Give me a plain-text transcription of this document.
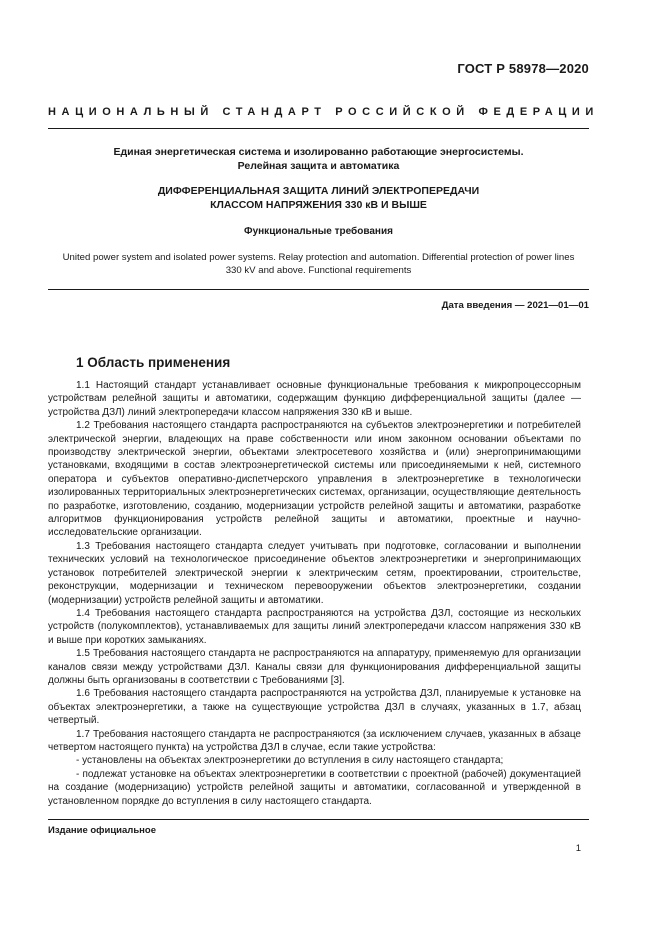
ГОСТ Р 58978—2020
НАЦИОНАЛЬНЫЙ СТАНДАРТ РОССИЙСКОЙ ФЕДЕРАЦИИ
Единая энергетическая система и изолированно работающие энергосистемы.
Релейная защита и автоматика
ДИФФЕРЕНЦИАЛЬНАЯ ЗАЩИТА ЛИНИЙ ЭЛЕКТРОПЕРЕДАЧИ
КЛАССОМ НАПРЯЖЕНИЯ 330 кВ И ВЫШЕ
Функциональные требования
United power system and isolated power systems. Relay protection and automation. Differential protection of power lines
330 kV and above. Functional requirements
Дата введения — 2021—01—01
1 Область применения

1.1 Настоящий стандарт устанавливает основные функциональные требования к микропроцессорным устройствам релейной защиты и автоматики, содержащим функцию дифференциальной защиты (далее — устройства ДЗЛ) линий электропередачи классом напряжения 330 кВ и выше.

1.2 Требования настоящего стандарта распространяются на субъектов электроэнергетики и потребителей электрической энергии, владеющих на праве собственности или ином законном основании объектами по производству электрической энергии, объектами электросетевого хозяйства и (или) энергопринимающими установками, входящими в состав электроэнергетической системы или присоединяемыми к ней, системного оператора и субъектов оперативно-диспетчерского управления в электроэнергетике в технологически изолированных территориальных электроэнергетических системах, организации, осуществляющие деятельность по разработке, изготовлению, созданию, модернизации устройств релейной защиты и автоматики, разработке алгоритмов функционирования устройств релейной защиты и автоматики, проектные и научно-исследовательские организации.

1.3 Требования настоящего стандарта следует учитывать при подготовке, согласовании и выполнении технических условий на технологическое присоединение объектов электроэнергетики и энергопринимающих установок потребителей электрической энергии к электрическим сетям, проектировании, строительстве, реконструкции, модернизации и техническом перевооружении объектов электроэнергетики, создании (модернизации) устройств релейной защиты и автоматики.

1.4 Требования настоящего стандарта распространяются на устройства ДЗЛ, состоящие из нескольких устройств (полукомплектов), устанавливаемых для защиты линий электропередачи классом напряжения 330 кВ и выше при коротких замыканиях.

1.5 Требования настоящего стандарта не распространяются на аппаратуру, применяемую для организации каналов связи между устройствами ДЗЛ. Каналы связи для функционирования дифференциальной защиты должны быть организованы в соответствии с Требованиями [3].

1.6 Требования настоящего стандарта распространяются на устройства ДЗЛ, планируемые к установке на объектах электроэнергетики, а также на существующие устройства ДЗЛ в случаях, указанных в 1.7, абзац четвертый.

1.7 Требования настоящего стандарта не распространяются (за исключением случаев, указанных в абзаце четвертом настоящего пункта) на устройства ДЗЛ в случае, если такие устройства:

- установлены на объектах электроэнергетики до вступления в силу настоящего стандарта;

- подлежат установке на объектах электроэнергетики в соответствии с проектной (рабочей) документацией на создание (модернизацию) устройств релейной защиты и автоматики, согласованной и утвержденной в установленном порядке до вступления в силу настоящего стандарта.

Издание официальное
1
